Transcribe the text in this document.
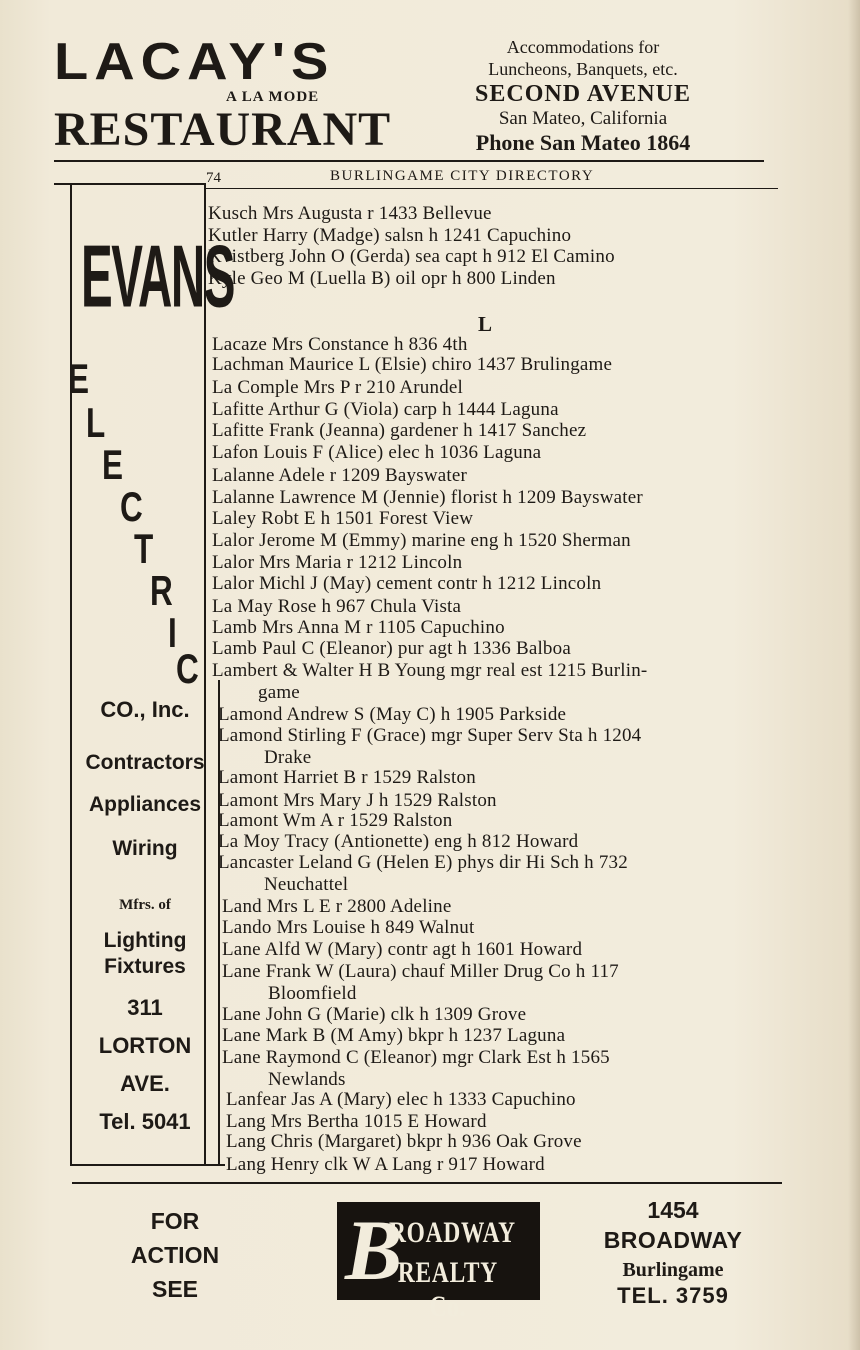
LACAY'S
A LA MODE
RESTAURANT
Accommodations for
Luncheons, Banquets, etc.
SECOND AVENUE
San Mateo, California
Phone San Mateo 1864
74	BURLINGAME CITY DIRECTORY
EVANS
E
L
E
C
T
R
I
C
CO., Inc.
Contractors
Appliances
Wiring
Mfrs. of
Lighting
Fixtures
311
LORTON
AVE.
Tel. 5041
L
Kusch Mrs Augusta r 1433 Bellevue
Kutler Harry (Madge) salsn h 1241 Capuchino
Kvistberg John O (Gerda) sea capt h 912 El Camino
Kyle Geo M (Luella B) oil opr h 800 Linden
Lacaze Mrs Constance h 836 4th
Lachman Maurice L (Elsie) chiro 1437 Brulingame
La Comple Mrs P r 210 Arundel
Lafitte Arthur G (Viola) carp h 1444 Laguna
Lafitte Frank (Jeanna) gardener h 1417 Sanchez
Lafon Louis F (Alice) elec h 1036 Laguna
Lalanne Adele r 1209 Bayswater
Lalanne Lawrence M (Jennie) florist h 1209 Bayswater
Laley Robt E h 1501 Forest View
Lalor Jerome M (Emmy) marine eng h 1520 Sherman
Lalor Mrs Maria r 1212 Lincoln
Lalor Michl J (May) cement contr h 1212 Lincoln
La May Rose h 967 Chula Vista
Lamb Mrs Anna M r 1105 Capuchino
Lamb Paul C (Eleanor) pur agt h 1336 Balboa
Lambert & Walter H B Young mgr real est 1215 Burlin-
game
Lamond Andrew S (May C) h 1905 Parkside
Lamond Stirling F (Grace) mgr Super Serv Sta h 1204
Drake
Lamont Harriet B r 1529 Ralston
Lamont Mrs Mary J h 1529 Ralston
Lamont Wm A r 1529 Ralston
La Moy Tracy (Antionette) eng h 812 Howard
Lancaster Leland G (Helen E) phys dir Hi Sch h 732
Neuchattel
Land Mrs L E r 2800 Adeline
Lando Mrs Louise h 849 Walnut
Lane Alfd W (Mary) contr agt h 1601 Howard
Lane Frank W (Laura) chauf Miller Drug Co h 117
Bloomfield
Lane John G (Marie) clk h 1309 Grove
Lane Mark B (M Amy) bkpr h 1237 Laguna
Lane Raymond C (Eleanor) mgr Clark Est h 1565
Newlands
Lanfear Jas A (Mary) elec h 1333 Capuchino
Lang Mrs Bertha 1015 E Howard
Lang Chris (Margaret) bkpr h 936 Oak Grove
Lang Henry clk W A Lang r 917 Howard
FOR
ACTION
SEE	B
ROADWAY
REALTY Co.
1454
BROADWAY
Burlingame
TEL. 3759
